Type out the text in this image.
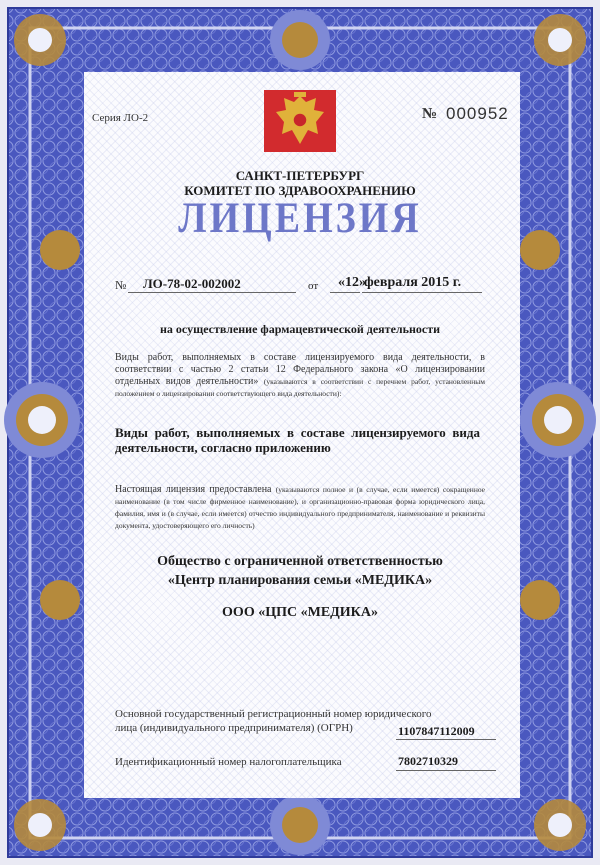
Серия ЛО-2	№ 000952
САНКТ-ПЕТЕРБУРГ
КОМИТЕТ ПО ЗДРАВООХРАНЕНИЮ
ЛИЦЕНЗИЯ
№ ЛО-78-02-002002	от «12»
февраля 2015 г.
на осуществление фармацевтической деятельности
Виды работ, выполняемых в составе лицензируемого вида деятельности, в соответствии с частью 2 статьи 12 Федерального закона «О лицензировании отдельных видов деятельности» (указываются в соответствии с перечнем работ, установленным положением о лицензировании соответствующего вида деятельности):
Виды работ, выполняемых в составе лицензируемого вида деятельности, согласно приложению
Настоящая лицензия предоставлена (указываются полное и (в случае, если имеется) сокращенное наименование (в том числе фирменное наименование), и организационно-правовая форма юридического лица, фамилия, имя и (в случае, если имеется) отчество индивидуального предпринимателя, наименование и реквизиты документа, удостоверяющего его личность)
Общество с ограниченной ответственностью
«Центр планирования семьи «МЕДИКА»
ООО «ЦПС «МЕДИКА»
Основной государственный регистрационный номер юридического
лица (индивидуального предпринимателя) (ОГРН)	1107847112009
Идентификационный номер налогоплательщика	7802710329
